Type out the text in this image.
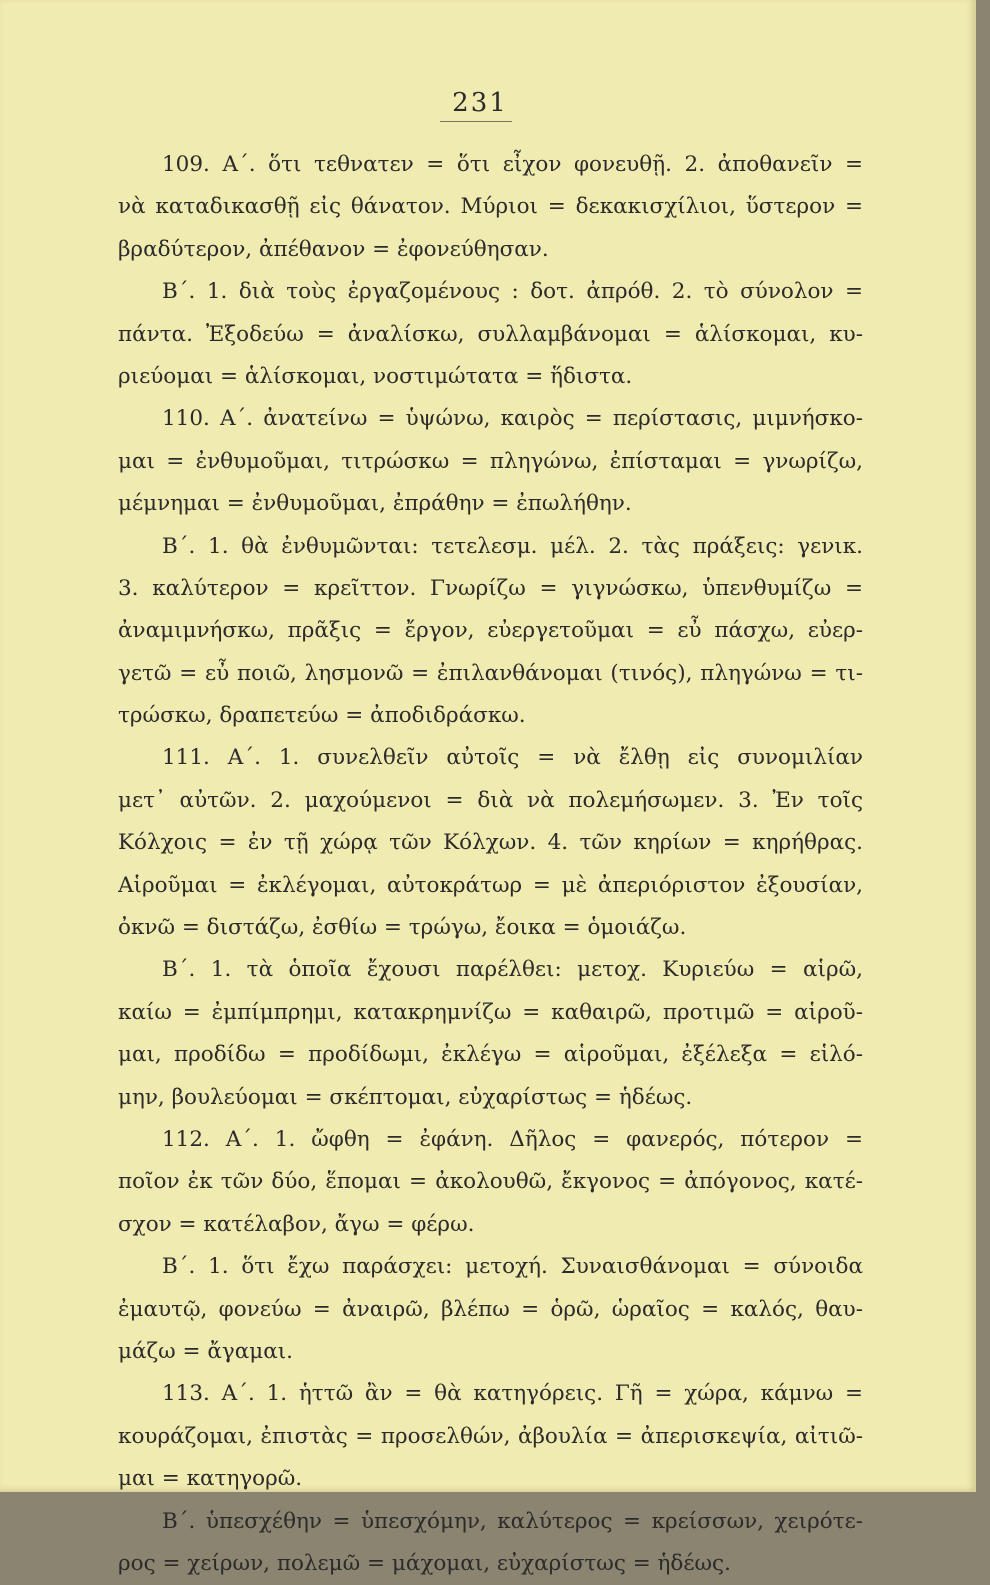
231
109. Α΄. ὅτι τεθνατεν = ὅτι εἶχον φονευθῇ. 2. ἀποθανεῖν =
νὰ καταδικασθῇ εἰς θάνατον. Μύριοι = δεκακισχίλιοι, ὕστερον =
βραδύτερον, ἀπέθανον = ἐφονεύθησαν.
Β΄. 1. διὰ τοὺς ἐργαζομένους : δοτ. ἀπρόθ. 2. τὸ σύνολον =
πάντα. Ἐξοδεύω = ἀναλίσκω, συλλαμβάνομαι = ἁλίσκομαι, κυ-
ριεύομαι = ἁλίσκομαι, νοστιμώτατα = ἥδιστα.
110. Α΄. ἀνατείνω = ὑψώνω, καιρὸς = περίστασις, μιμνήσκο-
μαι = ἐνθυμοῦμαι, τιτρώσκω = πληγώνω, ἐπίσταμαι = γνωρίζω,
μέμνημαι = ἐνθυμοῦμαι, ἐπράθην = ἐπωλήθην.
Β΄. 1. θὰ ἐνθυμῶνται: τετελεσμ. μέλ. 2. τὰς πράξεις: γενικ.
3. καλύτερον = κρεῖττον. Γνωρίζω = γιγνώσκω, ὑπενθυμίζω =
ἀναμιμνήσκω, πρᾶξις = ἔργον, εὐεργετοῦμαι = εὖ πάσχω, εὐερ-
γετῶ = εὖ ποιῶ, λησμονῶ = ἐπιλανθάνομαι (τινός), πληγώνω = τι-
τρώσκω, δραπετεύω = ἀποδιδράσκω.
111. Α΄. 1. συνελθεῖν αὐτοῖς = νὰ ἔλθῃ εἰς συνομιλίαν
μετ᾽ αὐτῶν. 2. μαχούμενοι = διὰ νὰ πολεμήσωμεν. 3. Ἐν τοῖς
Κόλχοις = ἐν τῇ χώρᾳ τῶν Κόλχων. 4. τῶν κηρίων = κηρήθρας.
Αἱροῦμαι = ἐκλέγομαι, αὐτοκράτωρ = μὲ ἀπεριόριστον ἐξουσίαν,
ὀκνῶ = διστάζω, ἐσθίω = τρώγω, ἔοικα = ὁμοιάζω.
Β΄. 1. τὰ ὁποῖα ἔχουσι παρέλθει: μετοχ. Κυριεύω = αἱρῶ,
καίω = ἐμπίμπρημι, κατακρημνίζω = καθαιρῶ, προτιμῶ = αἱροῦ-
μαι, προδίδω = προδίδωμι, ἐκλέγω = αἱροῦμαι, ἐξέλεξα = εἱλό-
μην, βουλεύομαι = σκέπτομαι, εὐχαρίστως = ἡδέως.
112. Α΄. 1. ὤφθη = ἐφάνη. Δῆλος = φανερός, πότερον =
ποῖον ἐκ τῶν δύο, ἕπομαι = ἀκολουθῶ, ἔκγονος = ἀπόγονος, κατέ-
σχον = κατέλαβον, ἄγω = φέρω.
Β΄. 1. ὅτι ἔχω παράσχει: μετοχή. Συναισθάνομαι = σύνοιδα
ἐμαυτῷ, φονεύω = ἀναιρῶ, βλέπω = ὁρῶ, ὡραῖος = καλός, θαυ-
μάζω = ἄγαμαι.
113. Α΄. 1. ἡττῶ ἂν = θὰ κατηγόρεις. Γῆ = χώρα, κάμνω =
κουράζομαι, ἐπιστὰς = προσελθών, ἀβουλία = ἀπερισκεψία, αἰτιῶ-
μαι = κατηγορῶ.
Β΄. ὑπεσχέθην = ὑπεσχόμην, καλύτερος = κρείσσων, χειρότε-
ρος = χείρων, πολεμῶ = μάχομαι, εὐχαρίστως = ἡδέως.
